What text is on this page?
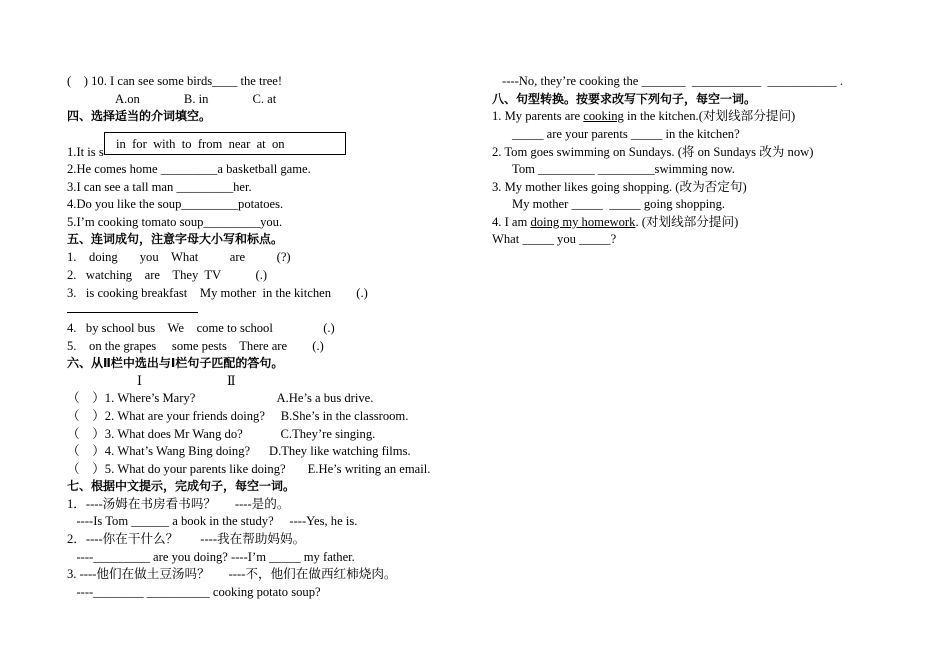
(    ) 10. I can see some birds____ the tree!
A.on              B. in              C. at
四、选择适当的介词填空。
1.It is s
in  for  with  to  from  near  at  on
2.He comes home _________a basketball game.
3.I can see a tall man _________her.
4.Do you like the soup_________potatoes.
5.I’m cooking tomato soup_________you.
五、连词成句，注意字母大小写和标点。
1.    doing       you    What          are          (?)
2.   watching    are    They  TV           (.)
3.   is cooking breakfast    My mother  in the kitchen        (.)
4.   by school bus    We    come to school                (.)
5.    on the grapes     some pests    There are        (.)
六、从Ⅱ栏中选出与Ⅰ栏句子匹配的答句。
Ⅰ	Ⅱ
（    ）1. Where’s Mary?                          A.He’s a bus drive.
（    ）2. What are your friends doing?     B.She’s in the classroom.
（    ）3. What does Mr Wang do?            C.They’re singing.
（    ）4. What’s Wang Bing doing?      D.They like watching films.
（    ）5. What do your parents like doing?       E.He’s writing an email.
七、根据中文提示，完成句子，每空一词。
1．----汤姆在书房看书吗？      ----是的。
----Is Tom ______ a book in the study?     ----Yes, he is.
2．----你在干什么？       ----我在帮助妈妈。
----_________ are you doing? ----I’m _____ my father.
3. ----他们在做土豆汤吗？      ----不，他们在做西红柿烧肉。
----________ __________ cooking potato soup?
----No, they’re cooking the _______  ___________  ___________ .
八、句型转换。按要求改写下列句子，每空一词。
1. My parents are cooking in the kitchen.(对划线部分提问)
_____ are your parents _____ in the kitchen?
2. Tom goes swimming on Sundays. (将 on Sundays 改为 now)
Tom _________ _________swimming now.
3. My mother likes going shopping. (改为否定句)
My mother _____  _____ going shopping.
4. I am doing my homework. (对划线部分提问)
What _____ you _____?
